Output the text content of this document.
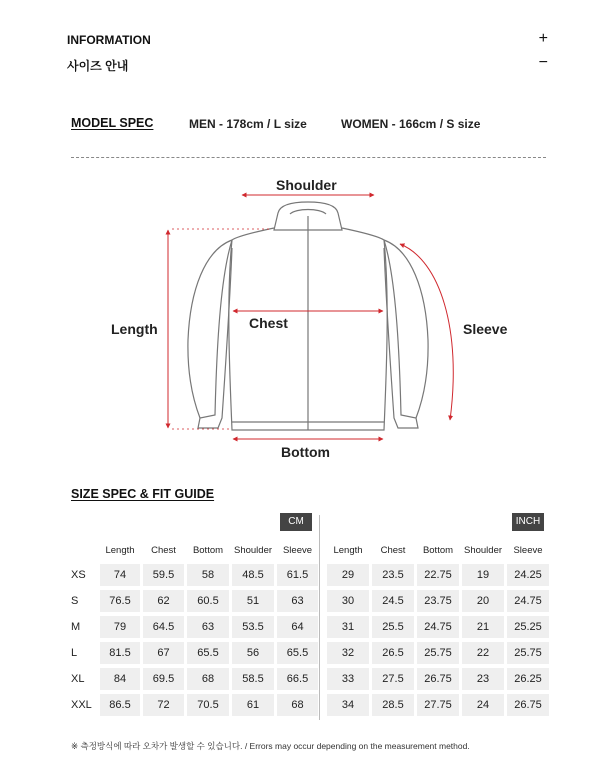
INFORMATION	+
사이즈 안내	−
MODEL SPEC	MEN - 178cm / L size	WOMEN - 166cm / S size
Shoulder
Length	Chest	Sleeve
Bottom
SIZE SPEC & FIT GUIDE
CM	INCH
	Length	Chest	Bottom	Shoulder	Sleeve
XS	74	59.5	58	48.5	61.5
S	76.5	62	60.5	51	63
M	79	64.5	63	53.5	64
L	81.5	67	65.5	56	65.5
XL	84	69.5	68	58.5	66.5
XXL	86.5	72	70.5	61	68
Length	Chest	Bottom	Shoulder	Sleeve
29	23.5	22.75	19	24.25
30	24.5	23.75	20	24.75
31	25.5	24.75	21	25.25
32	26.5	25.75	22	25.75
33	27.5	26.75	23	26.25
34	28.5	27.75	24	26.75
※ 측정방식에 따라 오차가 발생할 수 있습니다. / Errors may occur depending on the measurement method.
